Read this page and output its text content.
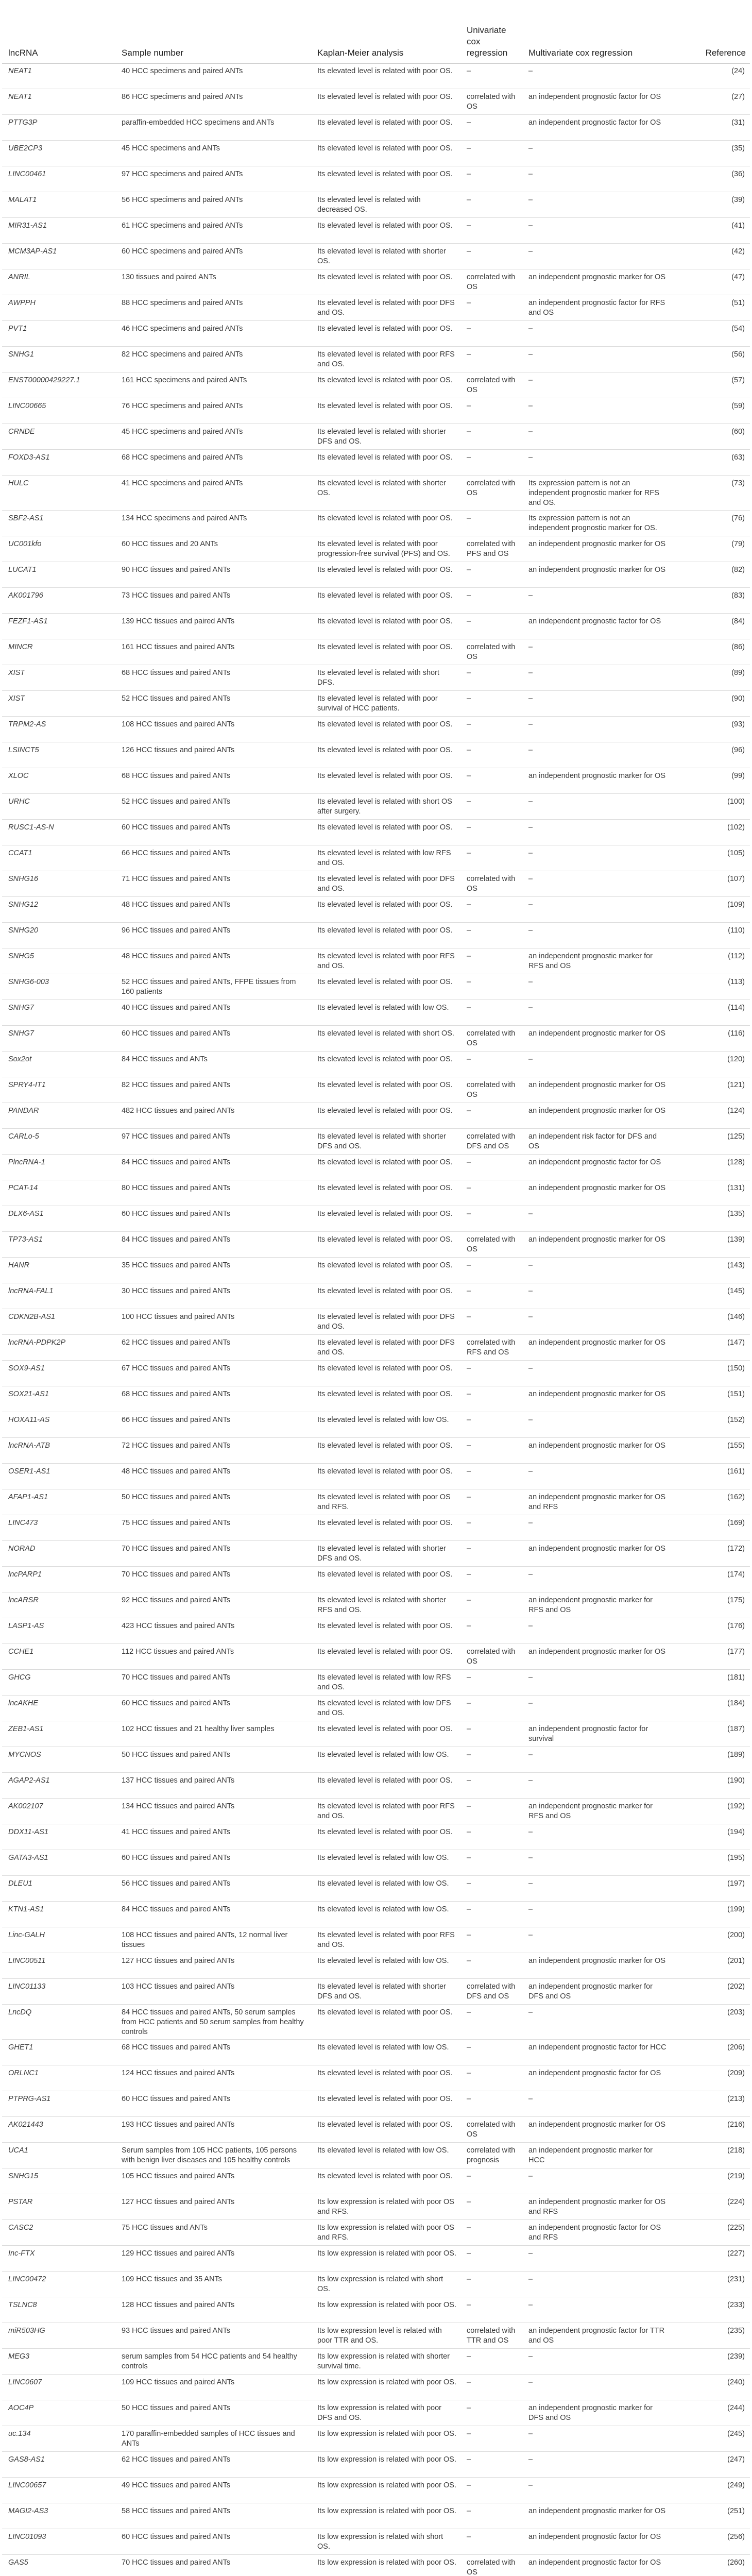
lncRNA	Sample number	Kaplan-Meier analysis	Univariate cox regression	Multivariate cox regression	Reference
NEAT1	40 HCC specimens and paired ANTs	Its elevated level is related with poor OS.	–	–	(24)
NEAT1	86 HCC specimens and paired ANTs	Its elevated level is related with poor OS.	correlated with OS	an independent prognostic factor for OS	(27)
PTTG3P	paraffin-embedded HCC specimens and ANTs	Its elevated level is related with poor OS.	–	an independent prognostic factor for OS	(31)
UBE2CP3	45 HCC specimens and ANTs	Its elevated level is related with poor OS.	–	–	(35)
LINC00461	97 HCC specimens and paired ANTs	Its elevated level is related with poor OS.	–	–	(36)
MALAT1	56 HCC specimens and paired ANTs	Its elevated level is related with decreased OS.	–	–	(39)
MIR31-AS1	61 HCC specimens and paired ANTs	Its elevated level is related with poor OS.	–	–	(41)
MCM3AP-AS1	60 HCC specimens and paired ANTs	Its elevated level is related with shorter OS.	–	–	(42)
ANRIL	130 tissues and paired ANTs	Its elevated level is related with poor OS.	correlated with OS	an independent prognostic marker for OS	(47)
AWPPH	88 HCC specimens and paired ANTs	Its elevated level is related with poor DFS and OS.	–	an independent prognostic factor for RFS and OS	(51)
PVT1	46 HCC specimens and paired ANTs	Its elevated level is related with poor OS.	–	–	(54)
SNHG1	82 HCC specimens and paired ANTs	Its elevated level is related with poor RFS and OS.	–	–	(56)
ENST00000429227.1	161 HCC specimens and paired ANTs	Its elevated level is related with poor OS.	correlated with OS	–	(57)
LINC00665	76 HCC specimens and paired ANTs	Its elevated level is related with poor OS.	–	–	(59)
CRNDE	45 HCC specimens and paired ANTs	Its elevated level is related with shorter DFS and OS.	–	–	(60)
FOXD3-AS1	68 HCC specimens and paired ANTs	Its elevated level is related with poor OS.	–	–	(63)
HULC	41 HCC specimens and paired ANTs	Its elevated level is related with shorter OS.	correlated with OS	Its expression pattern is not an independent prognostic marker for RFS and OS.	(73)
SBF2-AS1	134 HCC specimens and paired ANTs	Its elevated level is related with poor OS.	–	Its expression pattern is not an independent prognostic marker for OS.	(76)
UC001kfo	60 HCC tissues and 20 ANTs	Its elevated level is related with poor progression-free survival (PFS) and OS.	correlated with PFS and OS	an independent prognostic marker for OS	(79)
LUCAT1	90 HCC tissues and paired ANTs	Its elevated level is related with poor OS.	–	an independent prognostic marker for OS	(82)
AK001796	73 HCC tissues and paired ANTs	Its elevated level is related with poor OS.	–	–	(83)
FEZF1-AS1	139 HCC tissues and paired ANTs	Its elevated level is related with poor OS.	–	an independent prognostic factor for OS	(84)
MINCR	161 HCC tissues and paired ANTs	Its elevated level is related with poor OS.	correlated with OS	–	(86)
XIST	68 HCC tissues and paired ANTs	Its elevated level is related with short DFS.	–	–	(89)
XIST	52 HCC tissues and paired ANTs	Its elevated level is related with poor survival of HCC patients.	–	–	(90)
TRPM2-AS	108 HCC tissues and paired ANTs	Its elevated level is related with poor OS.	–	–	(93)
LSINCT5	126 HCC tissues and paired ANTs	Its elevated level is related with poor OS.	–	–	(96)
XLOC	68 HCC tissues and paired ANTs	Its elevated level is related with poor OS.	–	an independent prognostic marker for OS	(99)
URHC	52 HCC tissues and paired ANTs	Its elevated level is related with short OS after surgery.	–	–	(100)
RUSC1-AS-N	60 HCC tissues and paired ANTs	Its elevated level is related with poor OS.	–	–	(102)
CCAT1	66 HCC tissues and paired ANTs	Its elevated level is related with low RFS and OS.	–	–	(105)
SNHG16	71 HCC tissues and paired ANTs	Its elevated level is related with poor DFS and OS.	correlated with OS	–	(107)
SNHG12	48 HCC tissues and paired ANTs	Its elevated level is related with poor OS.	–	–	(109)
SNHG20	96 HCC tissues and paired ANTs	Its elevated level is related with poor OS.	–	–	(110)
SNHG5	48 HCC tissues and paired ANTs	Its elevated level is related with poor RFS and OS.	–	an independent prognostic marker for RFS and OS	(112)
SNHG6-003	52 HCC tissues and paired ANTs, FFPE tissues from 160 patients	Its elevated level is related with poor OS.	–	–	(113)
SNHG7	40 HCC tissues and paired ANTs	Its elevated level is related with low OS.	–	–	(114)
SNHG7	60 HCC tissues and paired ANTs	Its elevated level is related with short OS.	correlated with OS	an independent prognostic marker for OS	(116)
Sox2ot	84 HCC tissues and ANTs	Its elevated level is related with poor OS.	–	–	(120)
SPRY4-IT1	82 HCC tissues and paired ANTs	Its elevated level is related with poor OS.	correlated with OS	an independent prognostic marker for OS	(121)
PANDAR	482 HCC tissues and paired ANTs	Its elevated level is related with poor OS.	–	an independent prognostic marker for OS	(124)
CARLo-5	97 HCC tissues and paired ANTs	Its elevated level is related with shorter DFS and OS.	correlated with DFS and OS	an independent risk factor for DFS and OS	(125)
PlncRNA-1	84 HCC tissues and paired ANTs	Its elevated level is related with poor OS.	–	an independent prognostic factor for OS	(128)
PCAT-14	80 HCC tissues and paired ANTs	Its elevated level is related with poor OS.	–	an independent prognostic marker for OS	(131)
DLX6-AS1	60 HCC tissues and paired ANTs	Its elevated level is related with poor OS.	–	–	(135)
TP73-AS1	84 HCC tissues and paired ANTs	Its elevated level is related with poor OS.	correlated with OS	an independent prognostic marker for OS	(139)
HANR	35 HCC tissues and paired ANTs	Its elevated level is related with poor OS.	–	–	(143)
lncRNA-FAL1	30 HCC tissues and paired ANTs	Its elevated level is related with poor OS.	–	–	(145)
CDKN2B-AS1	100 HCC tissues and paired ANTs	Its elevated level is related with poor DFS and OS.	–	–	(146)
lncRNA-PDPK2P	62 HCC tissues and paired ANTs	Its elevated level is related with poor DFS and OS.	correlated with RFS and OS	an independent prognostic marker for OS	(147)
SOX9-AS1	67 HCC tissues and paired ANTs	Its elevated level is related with poor OS.	–	–	(150)
SOX21-AS1	68 HCC tissues and paired ANTs	Its elevated level is related with poor OS.	–	an independent prognostic marker for OS	(151)
HOXA11-AS	66 HCC tissues and paired ANTs	Its elevated level is related with low OS.	–	–	(152)
lncRNA-ATB	72 HCC tissues and paired ANTs	Its elevated level is related with poor OS.	–	an independent prognostic marker for OS	(155)
OSER1-AS1	48 HCC tissues and paired ANTs	Its elevated level is related with poor OS.	–	–	(161)
AFAP1-AS1	50 HCC tissues and paired ANTs	Its elevated level is related with poor OS and RFS.	–	an independent prognostic marker for OS and RFS	(162)
LINC473	75 HCC tissues and paired ANTs	Its elevated level is related with poor OS.	–	–	(169)
NORAD	70 HCC tissues and paired ANTs	Its elevated level is related with shorter DFS and OS.	–	an independent prognostic marker for OS	(172)
lncPARP1	70 HCC tissues and paired ANTs	Its elevated level is related with poor OS.	–	–	(174)
lncARSR	92 HCC tissues and paired ANTs	Its elevated level is related with shorter RFS and OS.	–	an independent prognostic marker for RFS and OS	(175)
LASP1-AS	423 HCC tissues and paired ANTs	Its elevated level is related with poor OS.	–	–	(176)
CCHE1	112 HCC tissues and paired ANTs	Its elevated level is related with poor OS.	correlated with OS	an independent prognostic marker for OS	(177)
GHCG	70 HCC tissues and paired ANTs	Its elevated level is related with low RFS and OS.	–	–	(181)
lncAKHE	60 HCC tissues and paired ANTs	Its elevated level is related with low DFS and OS.	–	–	(184)
ZEB1-AS1	102 HCC tissues and 21 healthy liver samples	Its elevated level is related with poor OS.	–	an independent prognostic factor for survival	(187)
MYCNOS	50 HCC tissues and paired ANTs	Its elevated level is related with low OS.	–	–	(189)
AGAP2-AS1	137 HCC tissues and paired ANTs	Its elevated level is related with poor OS.	–	–	(190)
AK002107	134 HCC tissues and paired ANTs	Its elevated level is related with poor RFS and OS.	–	an independent prognostic marker for RFS and OS	(192)
DDX11-AS1	41 HCC tissues and paired ANTs	Its elevated level is related with poor OS.	–	–	(194)
GATA3-AS1	60 HCC tissues and paired ANTs	Its elevated level is related with low OS.	–	–	(195)
DLEU1	56 HCC tissues and paired ANTs	Its elevated level is related with low OS.	–	–	(197)
KTN1-AS1	84 HCC tissues and paired ANTs	Its elevated level is related with low OS.	–	–	(199)
Linc-GALH	108 HCC tissues and paired ANTs, 12 normal liver tissues	Its elevated level is related with poor RFS and OS.	–	–	(200)
LINC00511	127 HCC tissues and paired ANTs	Its elevated level is related with low OS.	–	an independent prognostic marker for OS	(201)
LINC01133	103 HCC tissues and paired ANTs	Its elevated level is related with shorter DFS and OS.	correlated with DFS and OS	an independent prognostic marker for DFS and OS	(202)
LncDQ	84 HCC tissues and paired ANTs, 50 serum samples from HCC patients and 50 serum samples from healthy controls	Its elevated level is related with poor OS.	–	–	(203)
GHET1	68 HCC tissues and paired ANTs	Its elevated level is related with low OS.	–	an independent prognostic factor for HCC	(206)
ORLNC1	124 HCC tissues and paired ANTs	Its elevated level is related with poor OS.	–	an independent prognostic factor for OS	(209)
PTPRG-AS1	60 HCC tissues and paired ANTs	Its elevated level is related with poor OS.	–	–	(213)
AK021443	193 HCC tissues and paired ANTs	Its elevated level is related with poor OS.	correlated with OS	an independent prognostic marker for OS	(216)
UCA1	Serum samples from 105 HCC patients, 105 persons with benign liver diseases and 105 healthy controls	Its elevated level is related with low OS.	correlated with prognosis	an independent prognostic marker for HCC	(218)
SNHG15	105 HCC tissues and paired ANTs	Its elevated level is related with poor OS.	–	–	(219)
PSTAR	127 HCC tissues and paired ANTs	Its low expression is related with poor OS and RFS.	–	an independent prognostic marker for OS and RFS	(224)
CASC2	75 HCC tissues and ANTs	Its low expression is related with poor OS and RFS.	–	an independent prognostic factor for OS and RFS	(225)
Inc-FTX	129 HCC tissues and paired ANTs	Its low expression is related with poor OS.	–	–	(227)
LINC00472	109 HCC tissues and 35 ANTs	Its low expression is related with short OS.	–	–	(231)
TSLNC8	128 HCC tissues and paired ANTs	Its low expression is related with poor OS.	–	–	(233)
miR503HG	93 HCC tissues and paired ANTs	Its low expression level is related with poor TTR and OS.	correlated with TTR and OS	an independent prognostic factor for TTR and OS	(235)
MEG3	serum samples from 54 HCC patients and 54 healthy controls	Its low expression is related with shorter survival time.	–	–	(239)
LINC0607	109 HCC tissues and paired ANTs	Its low expression is related with poor OS.	–	–	(240)
AOC4P	50 HCC tissues and paired ANTs	Its low expression is related with poor DFS and OS.	–	an independent prognostic marker for DFS and OS	(244)
uc.134	170 paraffin-embedded samples of HCC tissues and ANTs	Its low expression is related with poor OS.	–	–	(245)
GAS8-AS1	62 HCC tissues and paired ANTs	Its low expression is related with poor OS.	–	–	(247)
LINC00657	49 HCC tissues and paired ANTs	Its low expression is related with poor OS.	–	–	(249)
MAGI2-AS3	58 HCC tissues and paired ANTs	Its low expression is related with poor OS.	–	an independent prognostic marker for OS	(251)
LINC01093	60 HCC tissues and paired ANTs	Its low expression is related with short OS.	–	an independent prognostic factor for OS	(256)
GAS5	70 HCC tissues and paired ANTs	Its low expression is related with poor OS.	correlated with OS	an independent prognostic factor for OS	(260)
